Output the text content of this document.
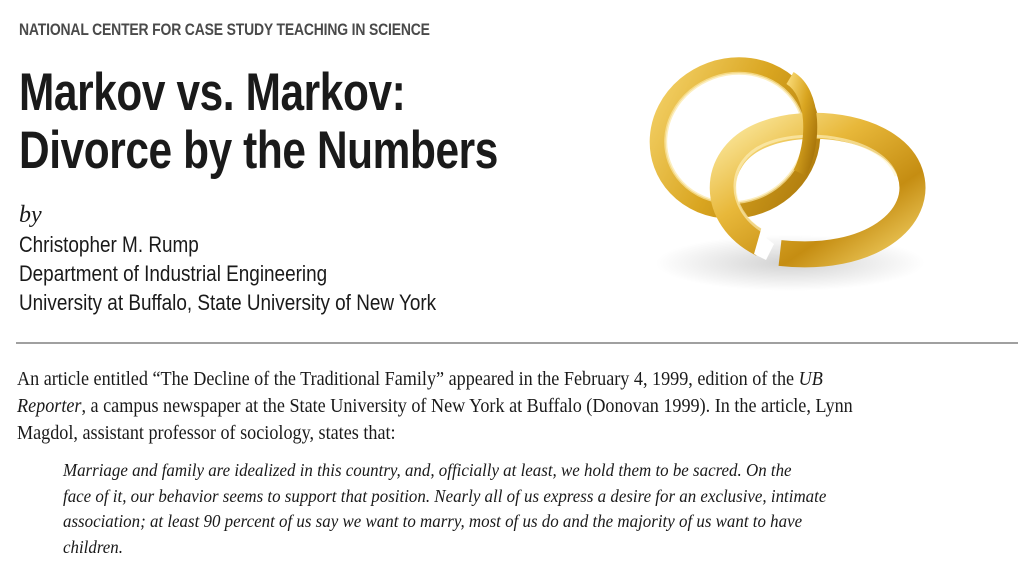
NATIONAL CENTER FOR CASE STUDY TEACHING IN SCIENCE
Markov vs. Markov:
Divorce by the Numbers
by
Christopher M. Rump
Department of Industrial Engineering
University at Buffalo, State University of New York
An article entitled “The Decline of the Traditional Family” appeared in the February 4, 1999, edition of the UB
Reporter, a campus newspaper at the State University of New York at Buffalo (Donovan 1999). In the article, Lynn
Magdol, assistant professor of sociology, states that:
Marriage and family are idealized in this country, and, officially at least, we hold them to be sacred. On the
face of it, our behavior seems to support that position. Nearly all of us express a desire for an exclusive, intimate
association; at least 90 percent of us say we want to marry, most of us do and the majority of us want to have
children.
